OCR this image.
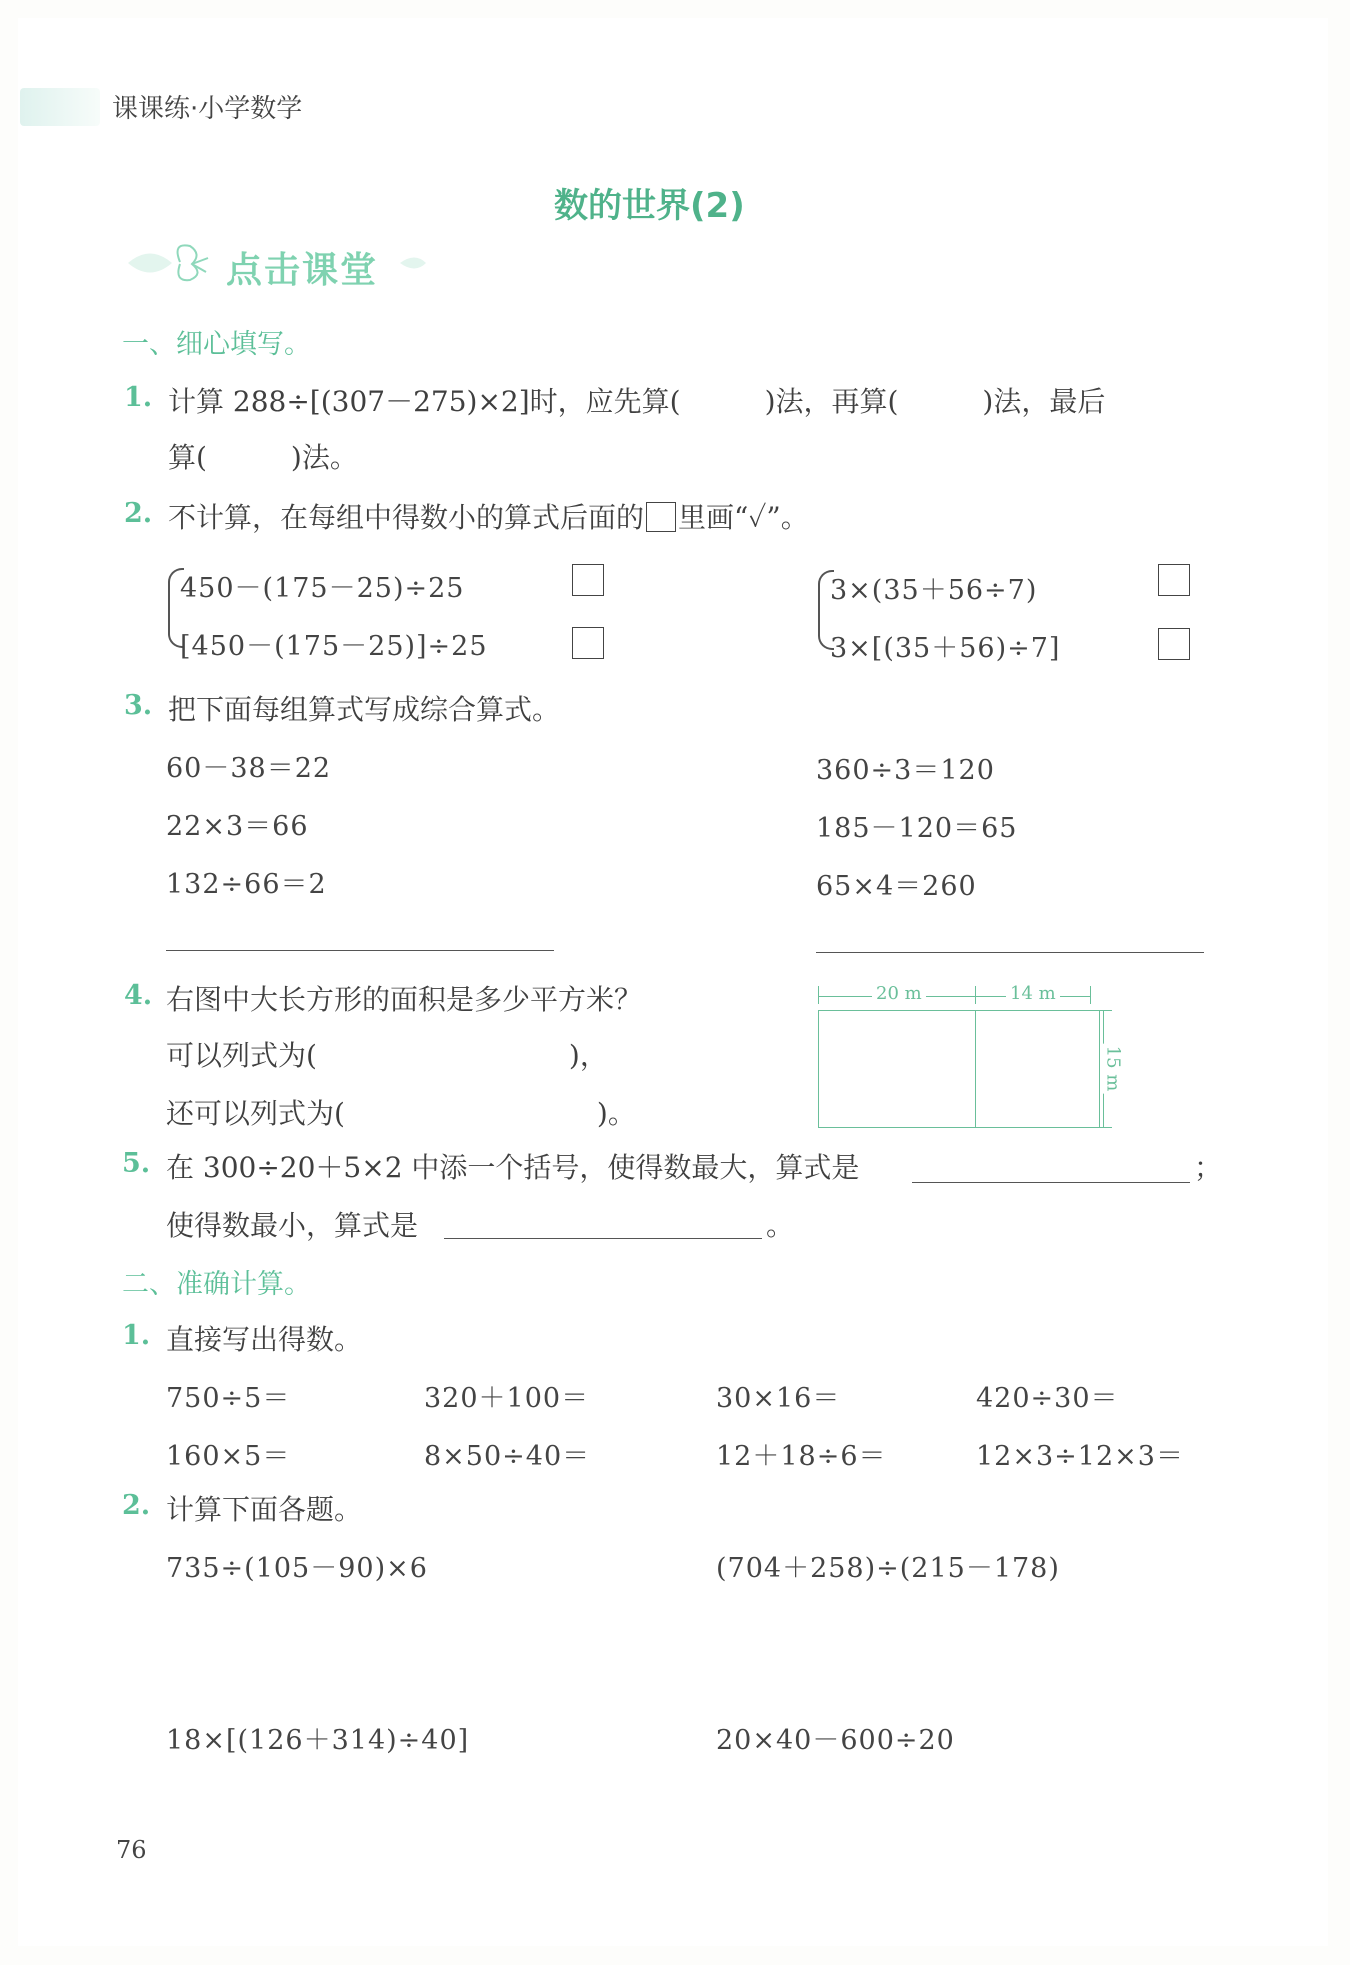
课课练·小学数学
数的世界(2)
点击课堂
一、细心填写。
1. 计算 288÷[(307－275)×2]时，应先算(　　　)法，再算(　　　)法，最后
算(　　　)法。
2. 不计算，在每组中得数小的算式后面的 里画“✓”。
450－(175－25)÷25
[450－(175－25)]÷25
3×(35＋56÷7)
3×[(35＋56)÷7]
3. 把下面每组算式写成综合算式。
60－38＝22
22×3＝66
132÷66＝2
360÷3＝120
185－120＝65
65×4＝260
4. 右图中大长方形的面积是多少平方米？
可以列式为(　　　　　　　　　)，
还可以列式为(　　　　　　　　　)。
20 m	14 m
15 m
5. 在 300÷20＋5×2 中添一个括号，使得数最大，算式是	；
使得数最小，算式是	。
二、准确计算。
1. 直接写出得数。
750÷5＝	320＋100＝	30×16＝	420÷30＝
160×5＝	8×50÷40＝	12＋18÷6＝	12×3÷12×3＝
2. 计算下面各题。
735÷(105－90)×6	(704＋258)÷(215－178)
18×[(126＋314)÷40]	20×40－600÷20
76
